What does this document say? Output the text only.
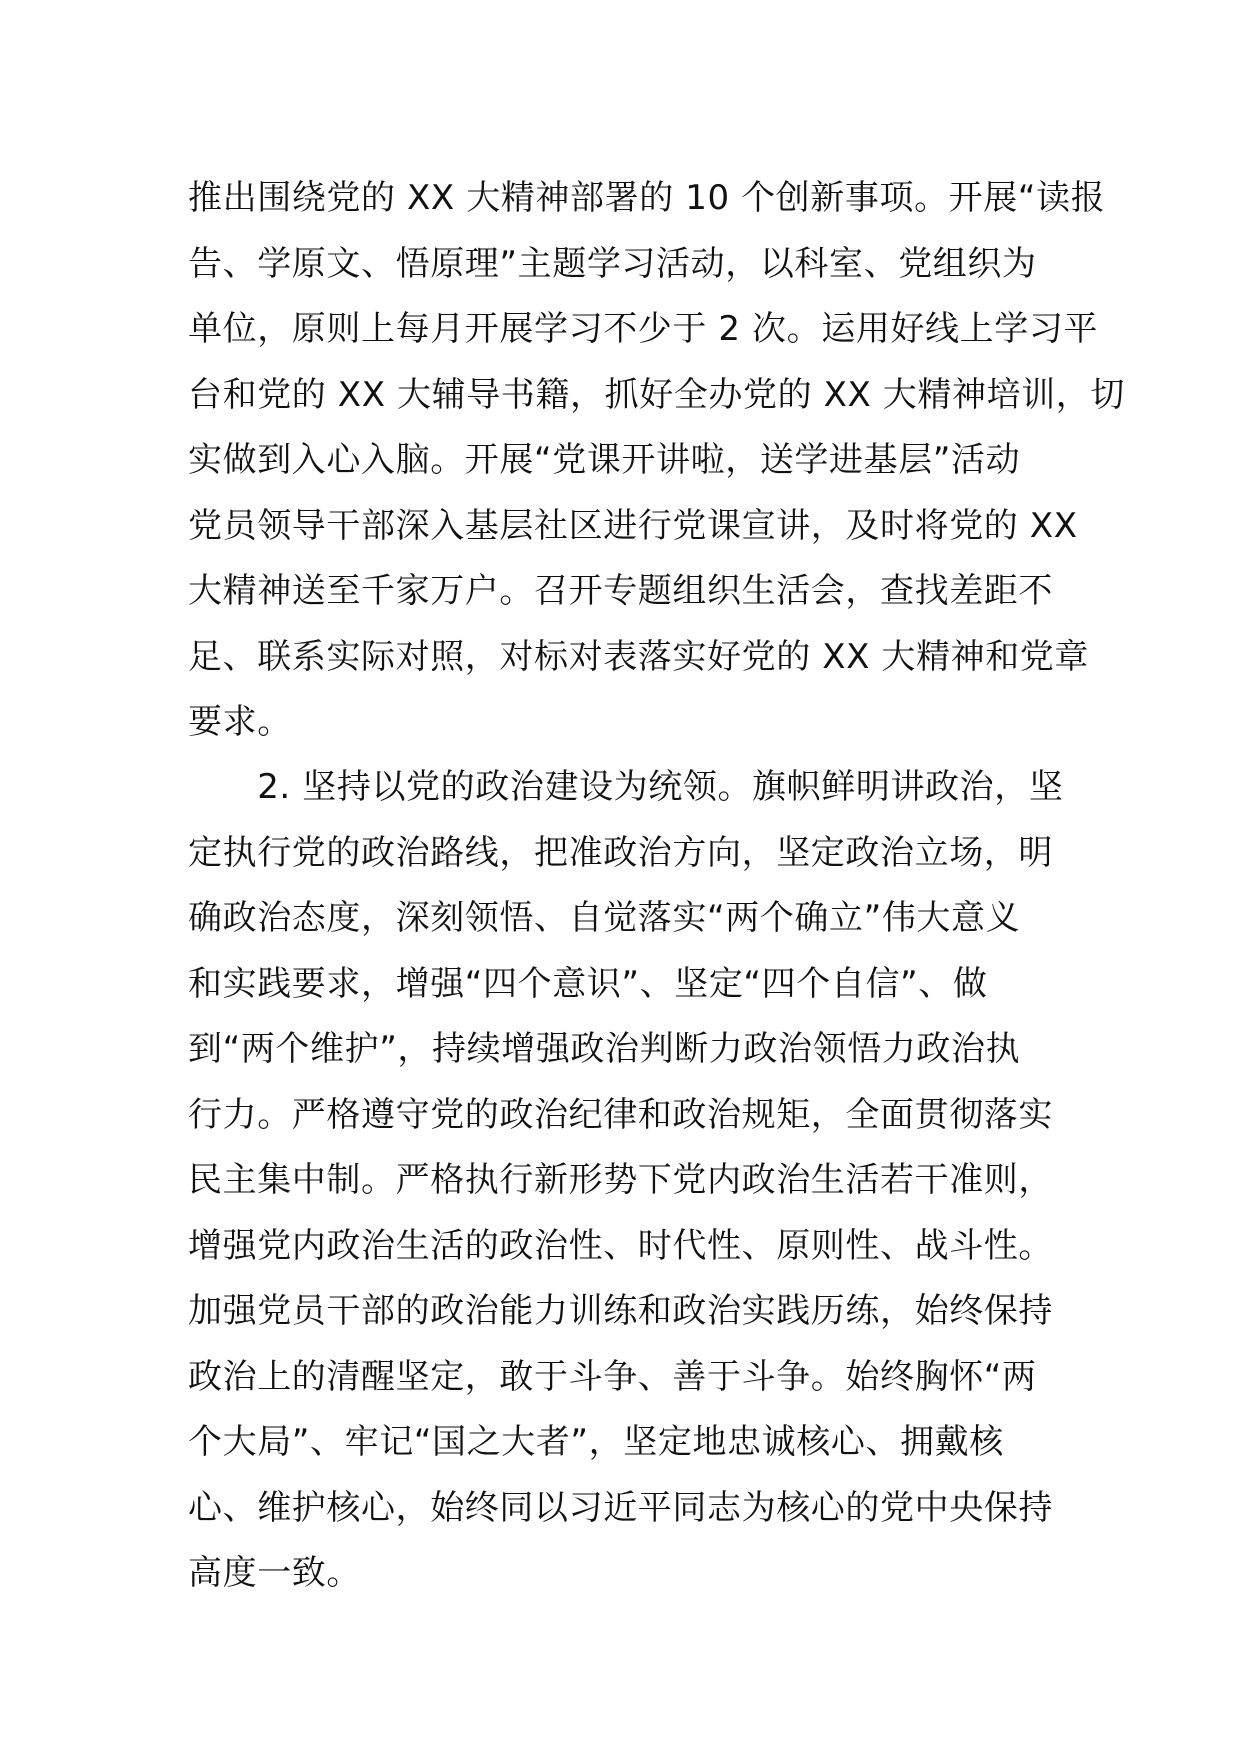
推出围绕党的 XX 大精神部署的 10 个创新事项。开展“读报
告、学原文、悟原理”主题学习活动，以科室、党组织为
单位，原则上每月开展学习不少于 2 次。运用好线上学习平
台和党的 XX 大辅导书籍，抓好全办党的 XX 大精神培训，切
实做到入心入脑。开展“党课开讲啦，送学进基层”活动
党员领导干部深入基层社区进行党课宣讲，及时将党的 XX
大精神送至千家万户。召开专题组织生活会，查找差距不
足、联系实际对照，对标对表落实好党的 XX 大精神和党章
要求。
　　2. 坚持以党的政治建设为统领。旗帜鲜明讲政治，坚
定执行党的政治路线，把准政治方向，坚定政治立场，明
确政治态度，深刻领悟、自觉落实“两个确立”伟大意义
和实践要求，增强“四个意识”、坚定“四个自信”、做
到“两个维护”，持续增强政治判断力政治领悟力政治执
行力。严格遵守党的政治纪律和政治规矩，全面贯彻落实
民主集中制。严格执行新形势下党内政治生活若干准则，
增强党内政治生活的政治性、时代性、原则性、战斗性。
加强党员干部的政治能力训练和政治实践历练，始终保持
政治上的清醒坚定，敢于斗争、善于斗争。始终胸怀“两
个大局”、牢记“国之大者”，坚定地忠诚核心、拥戴核
心、维护核心，始终同以习近平同志为核心的党中央保持
高度一致。
